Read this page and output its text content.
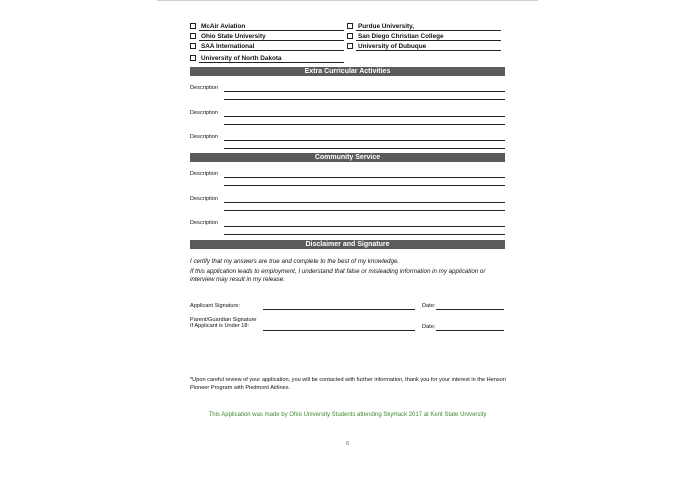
McAir Aviation
Ohio State University
SAA International
University of North Dakota
Purdue University,
San Diego Christian College
University of Dubuque
Extra Curricular Activities
Description
Description
Description
Community Service
Description
Description
Description
Disclaimer and Signature
I certify that my answers are true and complete to the best of my knowledge.
If this application leads to employment, I understand that false or misleading information in my application or interview may result in my release.
Applicant Signature:	Date:
Parent/Guardian Signature
If Applicant is Under 18:	Date:
*Upon careful review of your application, you will be contacted with further information, thank you for your interest in the Henson Pioneer Program with Piedmont Airlines.
This Application was made by Ohio University Students attending SkyHack 2017 at Kent State University
6
